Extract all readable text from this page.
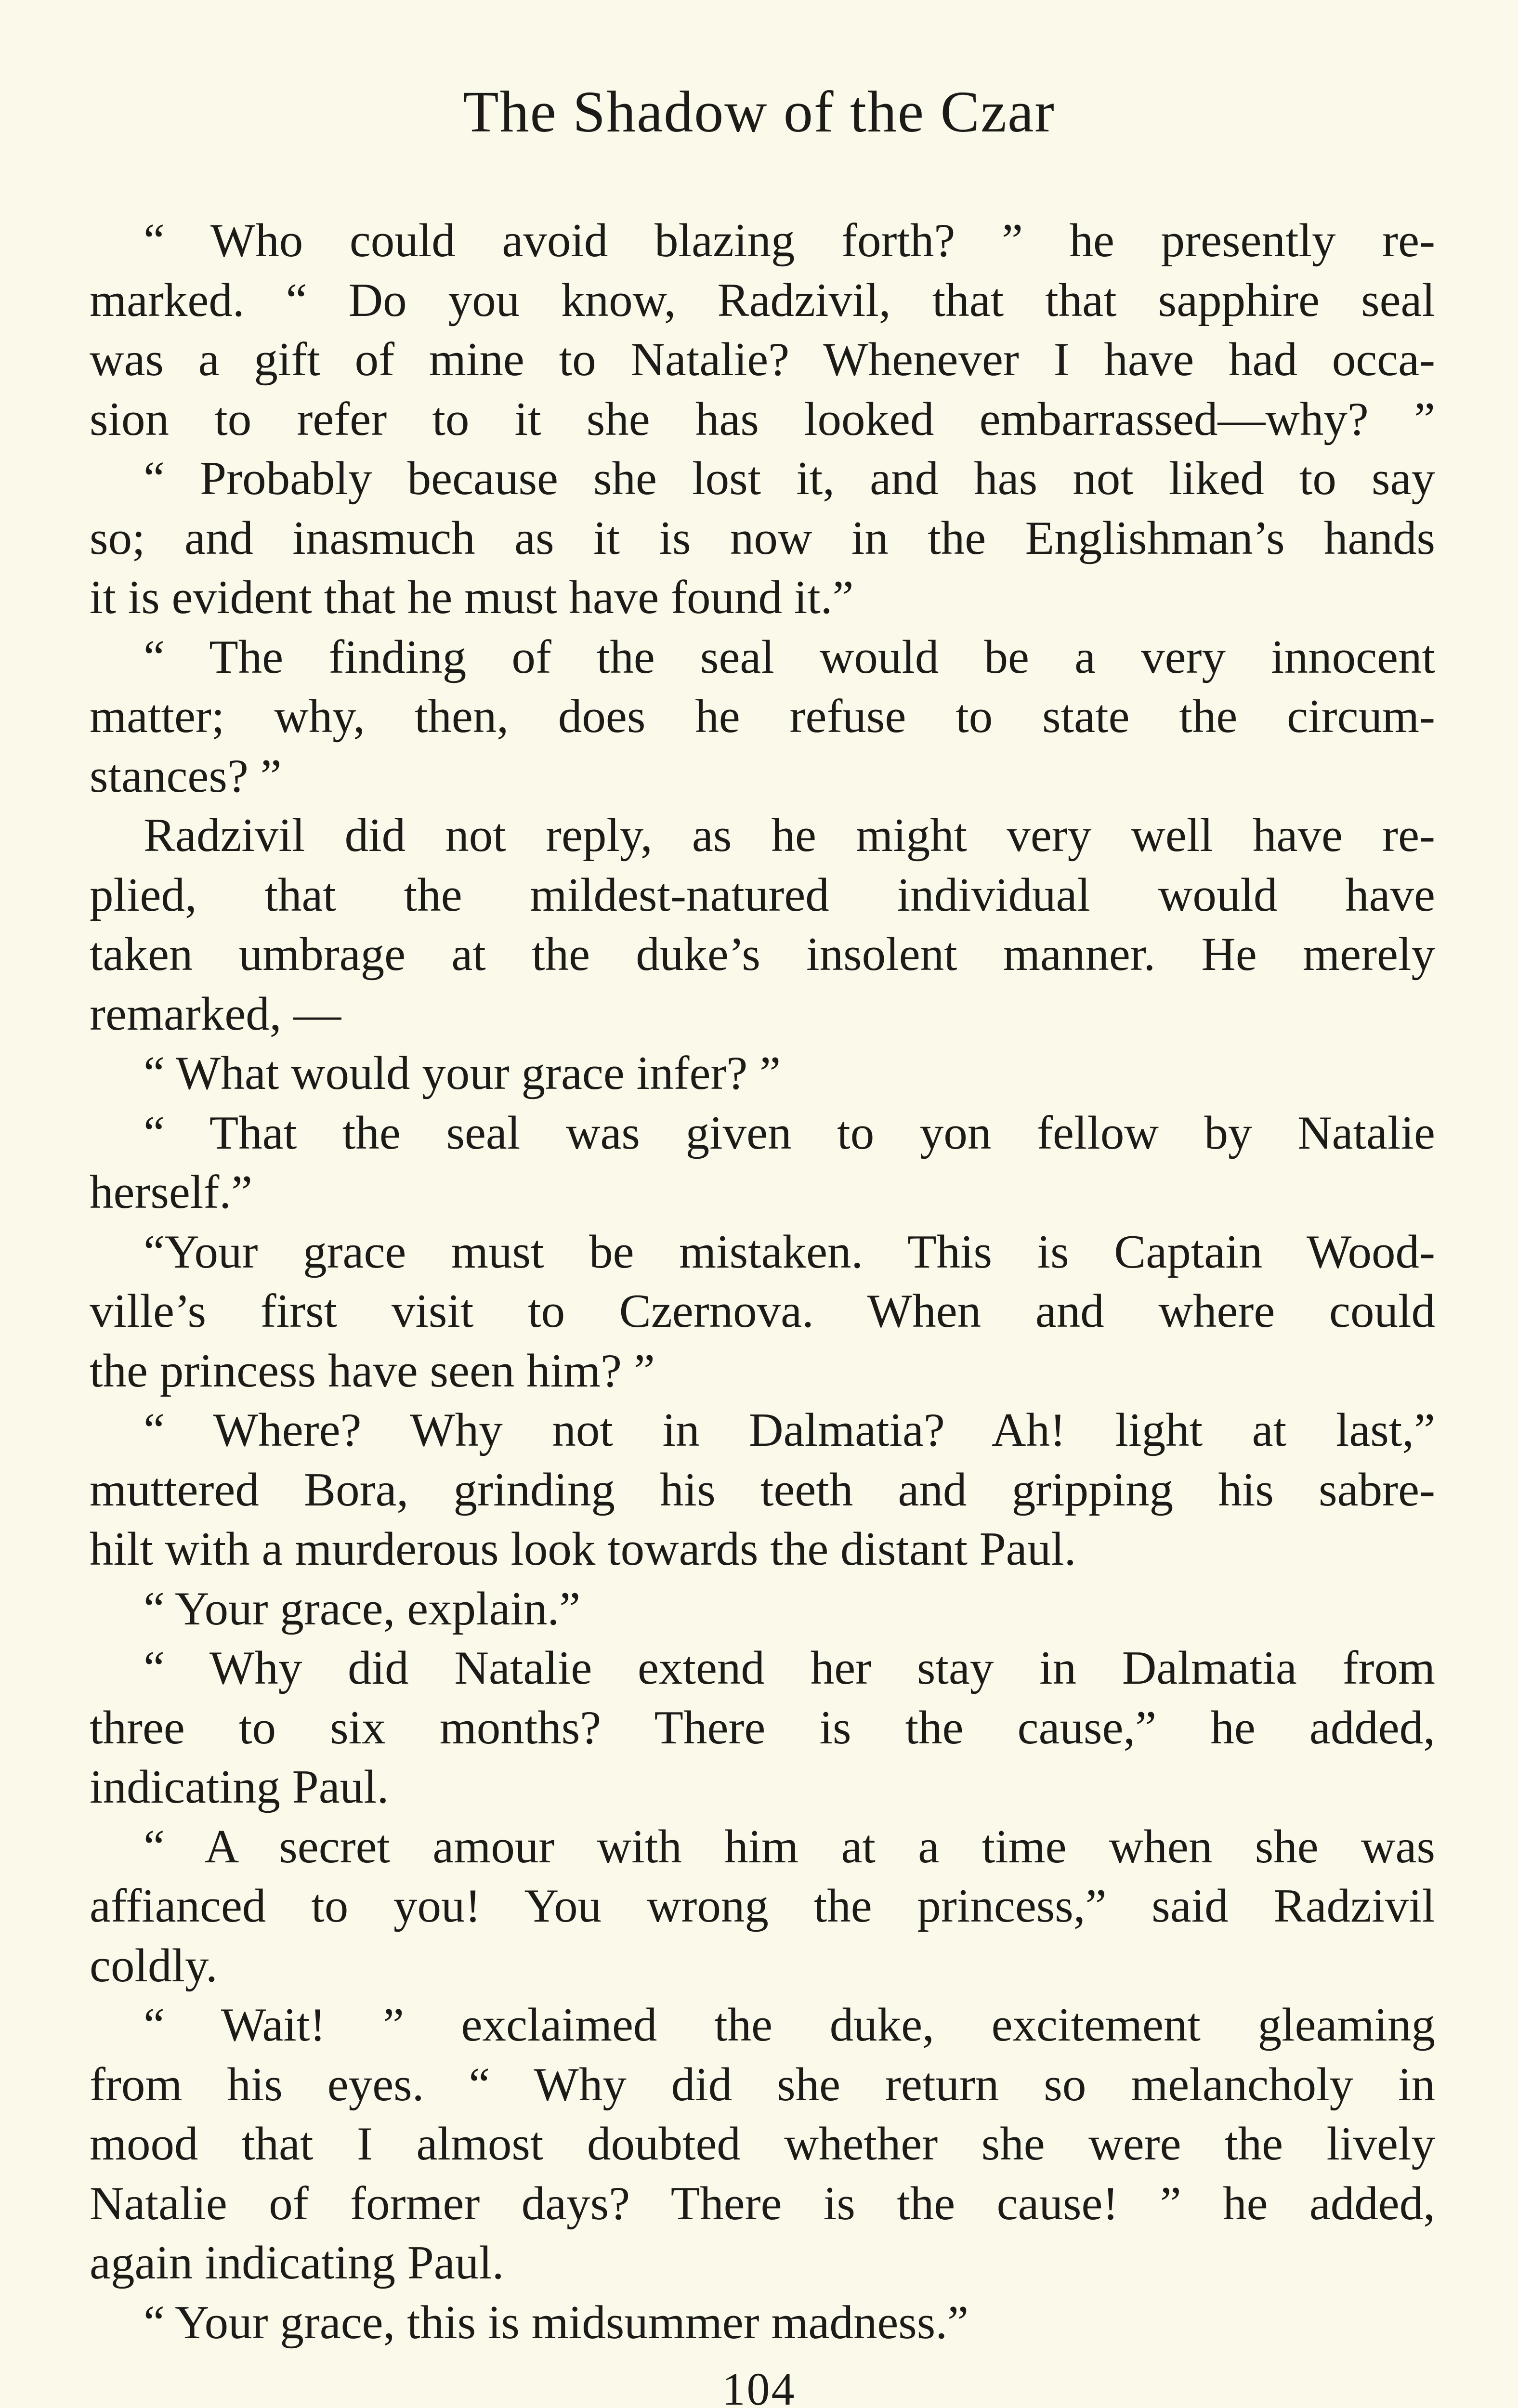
The Shadow of the Czar
“ Who could avoid blazing forth? ” he presently re-
marked. “ Do you know, Radzivil, that that sapphire seal
was a gift of mine to Natalie? Whenever I have had occa-
sion to refer to it she has looked embarrassed—why? ”
“ Probably because she lost it, and has not liked to say
so; and inasmuch as it is now in the Englishman’s hands
it is evident that he must have found it.”
“ The finding of the seal would be a very innocent
matter; why, then, does he refuse to state the circum-
stances? ”
Radzivil did not reply, as he might very well have re-
plied, that the mildest-natured individual would have
taken umbrage at the duke’s insolent manner. He merely
remarked, —
“ What would your grace infer? ”
“ That the seal was given to yon fellow by Natalie
herself.”
“Your grace must be mistaken. This is Captain Wood-
ville’s first visit to Czernova. When and where could
the princess have seen him? ”
“ Where? Why not in Dalmatia? Ah! light at last,”
muttered Bora, grinding his teeth and gripping his sabre-
hilt with a murderous look towards the distant Paul.
“ Your grace, explain.”
“ Why did Natalie extend her stay in Dalmatia from
three to six months? There is the cause,” he added,
indicating Paul.
“ A secret amour with him at a time when she was
affianced to you! You wrong the princess,” said Radzivil
coldly.
“ Wait! ” exclaimed the duke, excitement gleaming
from his eyes. “ Why did she return so melancholy in
mood that I almost doubted whether she were the lively
Natalie of former days? There is the cause! ” he added,
again indicating Paul.
“ Your grace, this is midsummer madness.”
104
